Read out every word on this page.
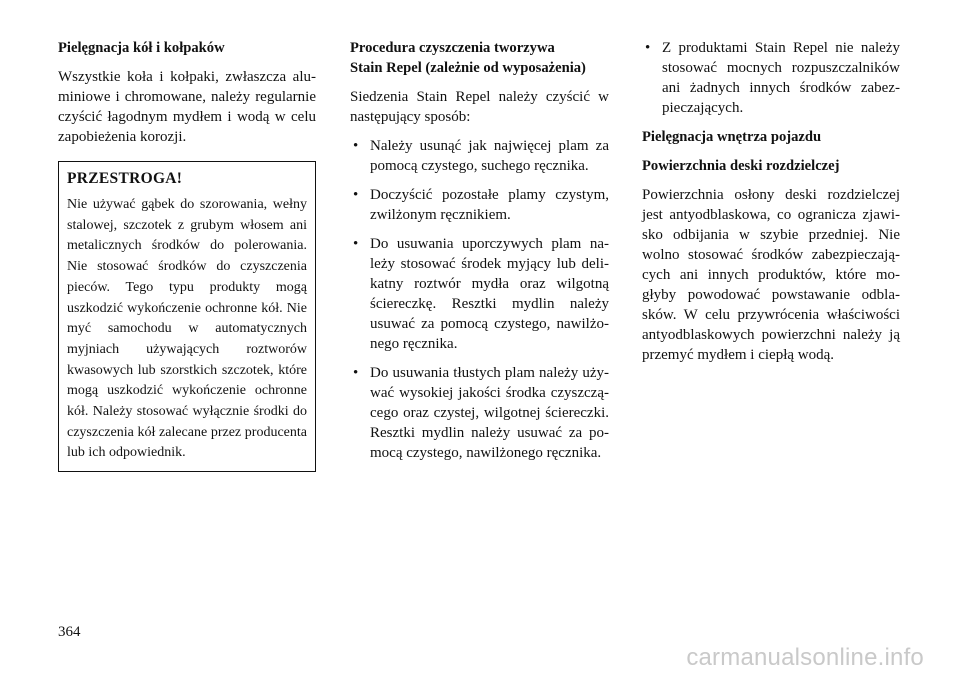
Pielęgnacja kół i kołpaków

Wszystkie koła i kołpaki, zwłaszcza aluminiowe i chromowane, należy regularnie czyścić łagodnym mydłem i wodą w celu zapobieżenia korozji.

PRZESTROGA!

Nie używać gąbek do szorowania, wełny stalowej, szczotek z grubym włosem ani metalicznych środków do polerowania. Nie stosować środków do czyszczenia pieców. Tego typu produkty mogą uszkodzić wykończenie ochronne kół. Nie myć samochodu w automatycznych myjniach używających roztworów kwasowych lub szorstkich szczotek, które mogą uszkodzić wykończenie ochronne kół. Należy stosować wyłącznie środki do czyszczenia kół zalecane przez producenta lub ich odpowiednik.

Procedura czyszczenia tworzywa
Stain Repel (zależnie od wyposażenia)

Siedzenia Stain Repel należy czyścić w następujący sposób:

• Należy usunąć jak najwięcej plam za pomocą czystego, suchego ręcznika.
• Doczyścić pozostałe plamy czystym, zwilżonym ręcznikiem.
• Do usuwania uporczywych plam należy stosować środek myjący lub delikatny roztwór mydła oraz wilgotną ściereczkę. Resztki mydlin należy usuwać za pomocą czystego, nawilżonego ręcznika.
• Do usuwania tłustych plam należy używać wysokiej jakości środka czyszczącego oraz czystej, wilgotnej ściereczki. Resztki mydlin należy usuwać za pomocą czystego, nawilżonego ręcznika.
• Z produktami Stain Repel nie należy stosować mocnych rozpuszczalników ani żadnych innych środków zabezpieczających.
Pielęgnacja wnętrza pojazdu
Powierzchnia deski rozdzielczej

Powierzchnia osłony deski rozdzielczej jest antyodblaskowa, co ogranicza zjawisko odbijania w szybie przedniej. Nie wolno stosować środków zabezpieczających ani innych produktów, które mogłyby powodować powstawanie odblasków. W celu przywrócenia właściwości antyodblaskowych powierzchni należy ją przemyć mydłem i ciepłą wodą.

364
carmanualsonline.info
